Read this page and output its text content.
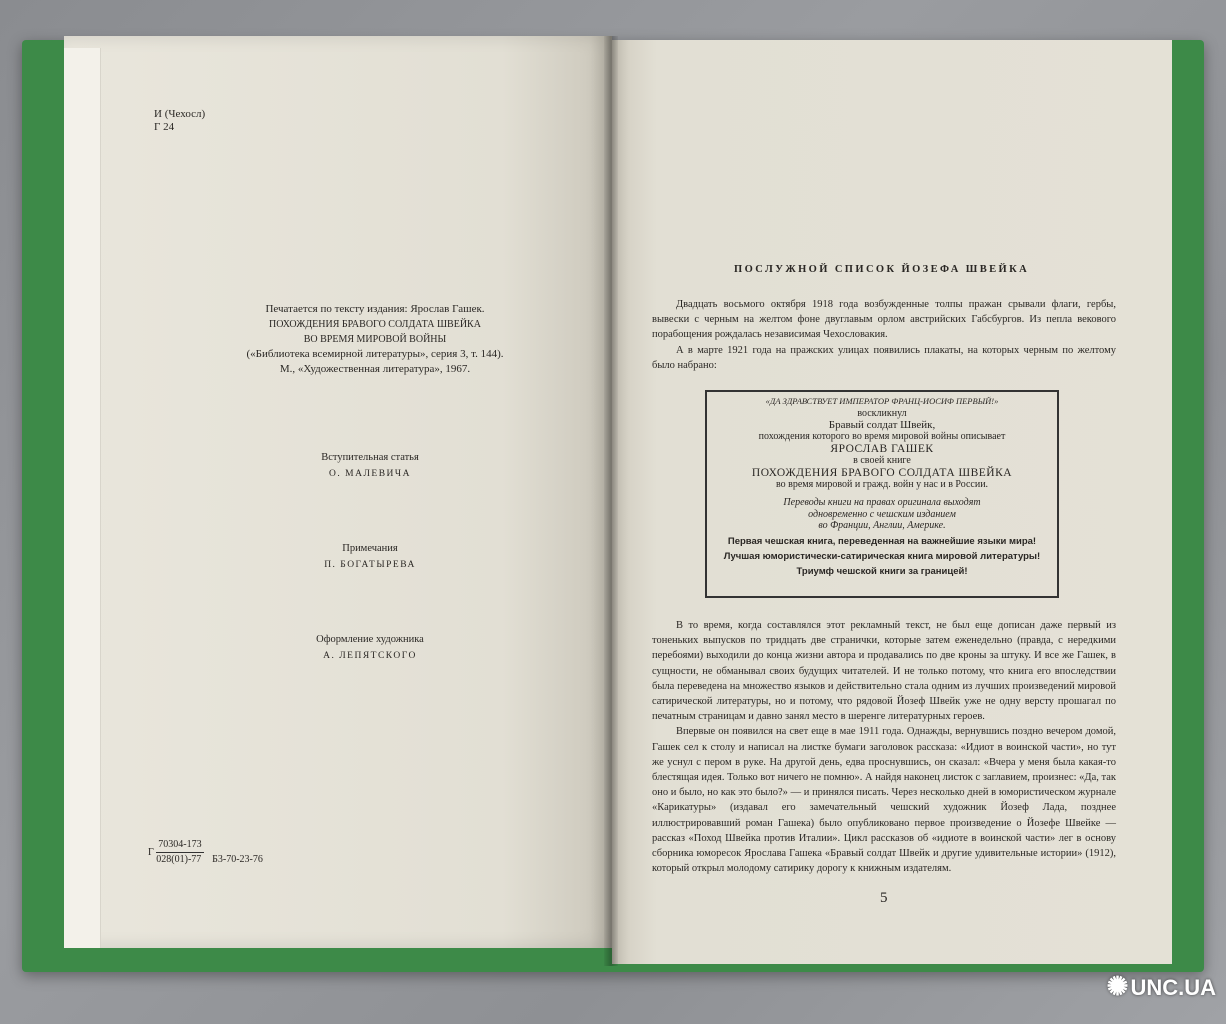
И (Чехосл)
Г 24
Печатается по тексту издания: Ярослав Гашек.
ПОХОЖДЕНИЯ БРАВОГО СОЛДАТА ШВЕЙКА
ВО ВРЕМЯ МИРОВОЙ ВОЙНЫ
(«Библиотека всемирной литературы», серия 3, т. 144).
М., «Художественная литература», 1967.
Вступительная статья
О. МАЛЕВИЧА
Примечания
П. БОГАТЫРЕВА
Оформление художника
А. ЛЕПЯТСКОГО
Г $\frac{70304-173}{028(01)-77} Б3-70-23-76$
ПОСЛУЖНОЙ СПИСОК ЙОЗЕФА ШВЕЙКА

Двадцать восьмого октября 1918 года возбужденные толпы пражан срывали флаги, гербы, вывески с черным на желтом фоне двуглавым орлом австрийских Габсбургов. Из пепла векового порабощения рождалась независимая Чехословакия.

А в марте 1921 года на пражских улицах появились плакаты, на которых черным по желтому было набрано:

«ДА ЗДРАВСТВУЕТ ИМПЕРАТОР ФРАНЦ-ИОСИФ ПЕРВЫЙ!»
воскликнул
Бравый солдат Швейк,
похождения которого во время мировой войны описывает
ЯРОСЛАВ ГАШЕК
в своей книге
ПОХОЖДЕНИЯ БРАВОГО СОЛДАТА ШВЕЙКА
во время мировой и гражд. войн у нас и в России.
Переводы книги на правах оригинала выходят
одновременно с чешским изданием
во Франции, Англии, Америке.
Первая чешская книга, переведенная на важнейшие языки мира!
Лучшая юмористически-сатирическая книга мировой литературы!
Триумф чешской книги за границей!

В то время, когда составлялся этот рекламный текст, не был еще дописан даже первый из тоненьких выпусков по тридцать две странички, которые затем еженедельно (правда, с нередкими перебоями) выходили до конца жизни автора и продавались по две кроны за штуку. И все же Гашек, в сущности, не обманывал своих будущих читателей. И не только потому, что книга его впоследствии была переведена на множество языков и действительно стала одним из лучших произведений мировой сатирической литературы, но и потому, что рядовой Йозеф Швейк уже не одну версту прошагал по печатным страницам и давно занял место в шеренге литературных героев.

Впервые он появился на свет еще в мае 1911 года. Однажды, вернувшись поздно вечером домой, Гашек сел к столу и написал на листке бумаги заголовок рассказа: «Идиот в воинской части», но тут же уснул с пером в руке. На другой день, едва проснувшись, он сказал: «Вчера у меня была какая-то блестящая идея. Только вот ничего не помню». А найдя наконец листок с заглавием, произнес: «Да, так оно и было, но как это было?» — и принялся писать. Через несколько дней в юмористическом журнале «Карикатуры» (издавал его замечательный чешский художник Йозеф Лада, позднее иллюстрировавший роман Гашека) было опубликовано первое произведение о Йозефе Швейке — рассказ «Поход Швейка против Италии». Цикл рассказов об «идиоте в воинской части» лег в основу сборника юморесок Ярослава Гашека «Бравый солдат Швейк и другие удивительные истории» (1912), который открыл молодому сатирику дорогу к книжным издателям.

5
✺UNC.UA
